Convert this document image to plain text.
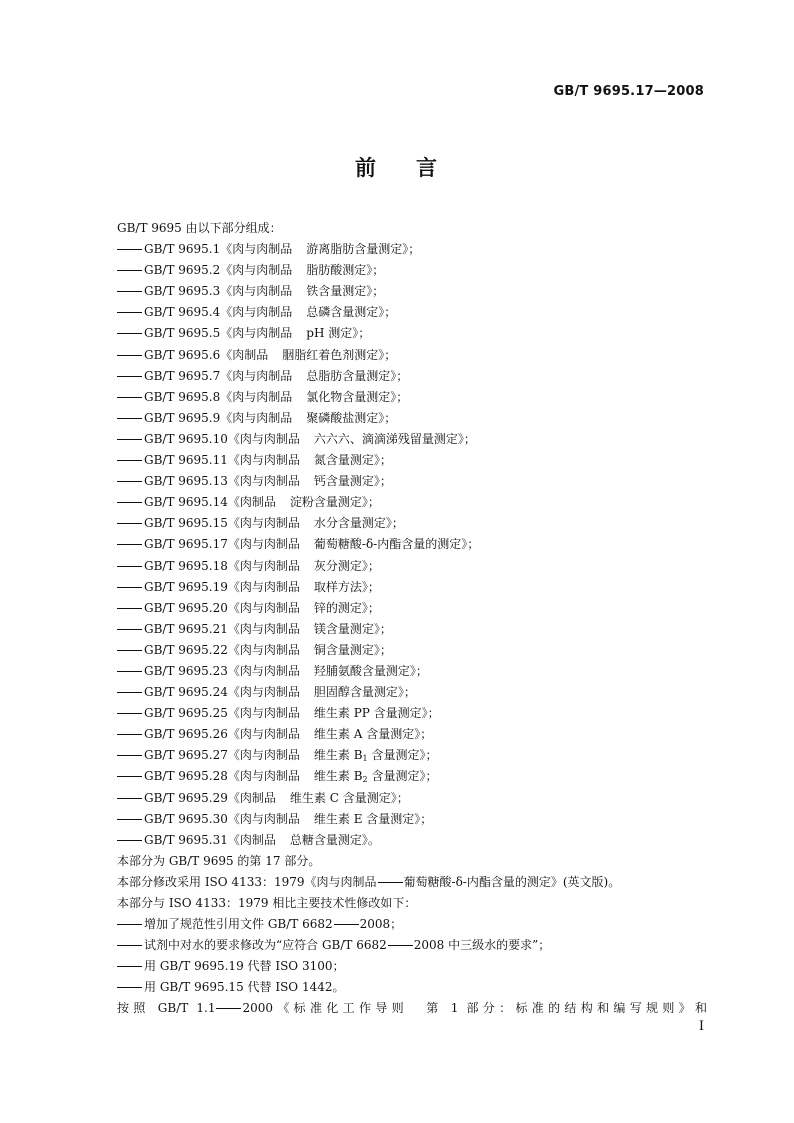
GB/T 9695.17—2008
前 言
GB/T 9695 由以下部分组成：
GB/T 9695.1《肉与肉制品 游离脂肪含量测定》；
GB/T 9695.2《肉与肉制品 脂肪酸测定》；
GB/T 9695.3《肉与肉制品 铁含量测定》；
GB/T 9695.4《肉与肉制品 总磷含量测定》；
GB/T 9695.5《肉与肉制品 pH 测定》；
GB/T 9695.6《肉制品 胭脂红着色剂测定》；
GB/T 9695.7《肉与肉制品 总脂肪含量测定》；
GB/T 9695.8《肉与肉制品 氯化物含量测定》；
GB/T 9695.9《肉与肉制品 聚磷酸盐测定》；
GB/T 9695.10《肉与肉制品 六六六、滴滴涕残留量测定》；
GB/T 9695.11《肉与肉制品 氮含量测定》；
GB/T 9695.13《肉与肉制品 钙含量测定》；
GB/T 9695.14《肉制品 淀粉含量测定》；
GB/T 9695.15《肉与肉制品 水分含量测定》；
GB/T 9695.17《肉与肉制品 葡萄糖酸-δ-内酯含量的测定》；
GB/T 9695.18《肉与肉制品 灰分测定》；
GB/T 9695.19《肉与肉制品 取样方法》；
GB/T 9695.20《肉与肉制品 锌的测定》；
GB/T 9695.21《肉与肉制品 镁含量测定》；
GB/T 9695.22《肉与肉制品 铜含量测定》；
GB/T 9695.23《肉与肉制品 羟脯氨酸含量测定》；
GB/T 9695.24《肉与肉制品 胆固醇含量测定》；
GB/T 9695.25《肉与肉制品 维生素 PP 含量测定》；
GB/T 9695.26《肉与肉制品 维生素 A 含量测定》；
GB/T 9695.27《肉与肉制品 维生素 $B_1$ 含量测定》；
GB/T 9695.28《肉与肉制品 维生素 $B_2$ 含量测定》；
GB/T 9695.29《肉制品 维生素 C 含量测定》；
GB/T 9695.30《肉与肉制品 维生素 E 含量测定》；
GB/T 9695.31《肉制品 总糖含量测定》。
本部分为 GB/T 9695 的第 17 部分。
本部分修改采用 ISO 4133：1979《肉与肉制品 葡萄糖酸-δ-内酯含量的测定》(英文版)。
本部分与 ISO 4133：1979 相比主要技术性修改如下：
增加了规范性引用文件 GB/T 6682 2008；
试剂中对水的要求修改为“应符合 GB/T 6682 2008 中三级水的要求”；
用 GB/T 9695.19 代替 ISO 3100；
用 GB/T 9695.15 代替 ISO 1442。
按照 GB/T 1.1 2000《标准化工作导则 第 1 部分：标准的结构和编写规则》和
I
